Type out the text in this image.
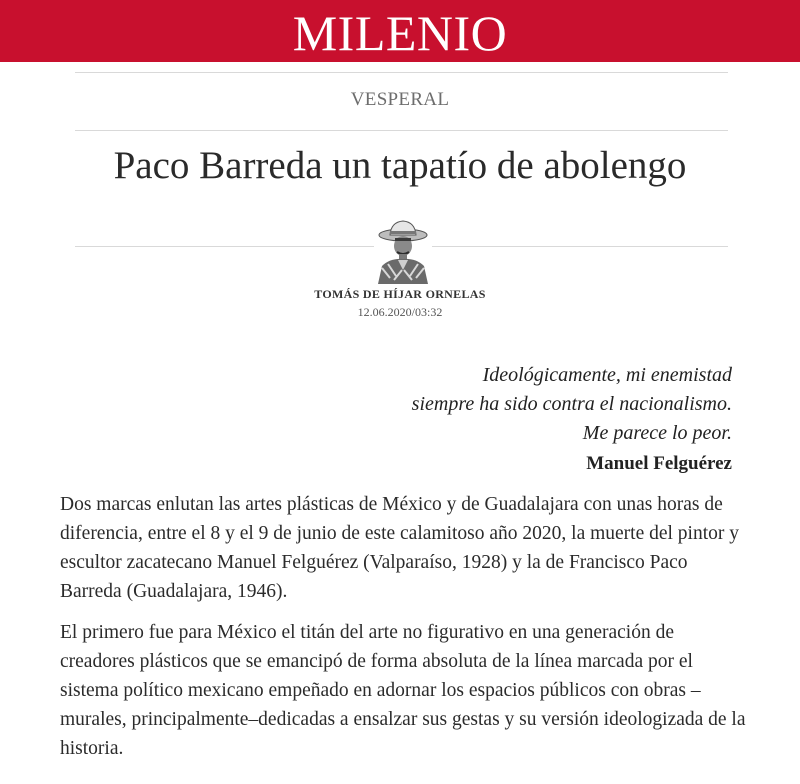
MILENIO
VESPERAL
Paco Barreda un tapatío de abolengo
TOMÁS DE HÍJAR ORNELAS
12.06.2020/03:32
Ideológicamente, mi enemistad
siempre ha sido contra el nacionalismo.
Me parece lo peor.
Manuel Felguérez

Dos marcas enlutan las artes plásticas de México y de Guadalajara con unas horas de diferencia, entre el 8 y el 9 de junio de este calamitoso año 2020, la muerte del pintor y escultor zacatecano Manuel Felguérez (Valparaíso, 1928) y la de Francisco Paco Barreda (Guadalajara, 1946).

El primero fue para México el titán del arte no figurativo en una generación de creadores plásticos que se emancipó de forma absoluta de la línea marcada por el sistema político mexicano empeñado en adornar los espacios públicos con obras –murales, principalmente–dedicadas a ensalzar sus gestas y su versión ideologizada de la historia.
